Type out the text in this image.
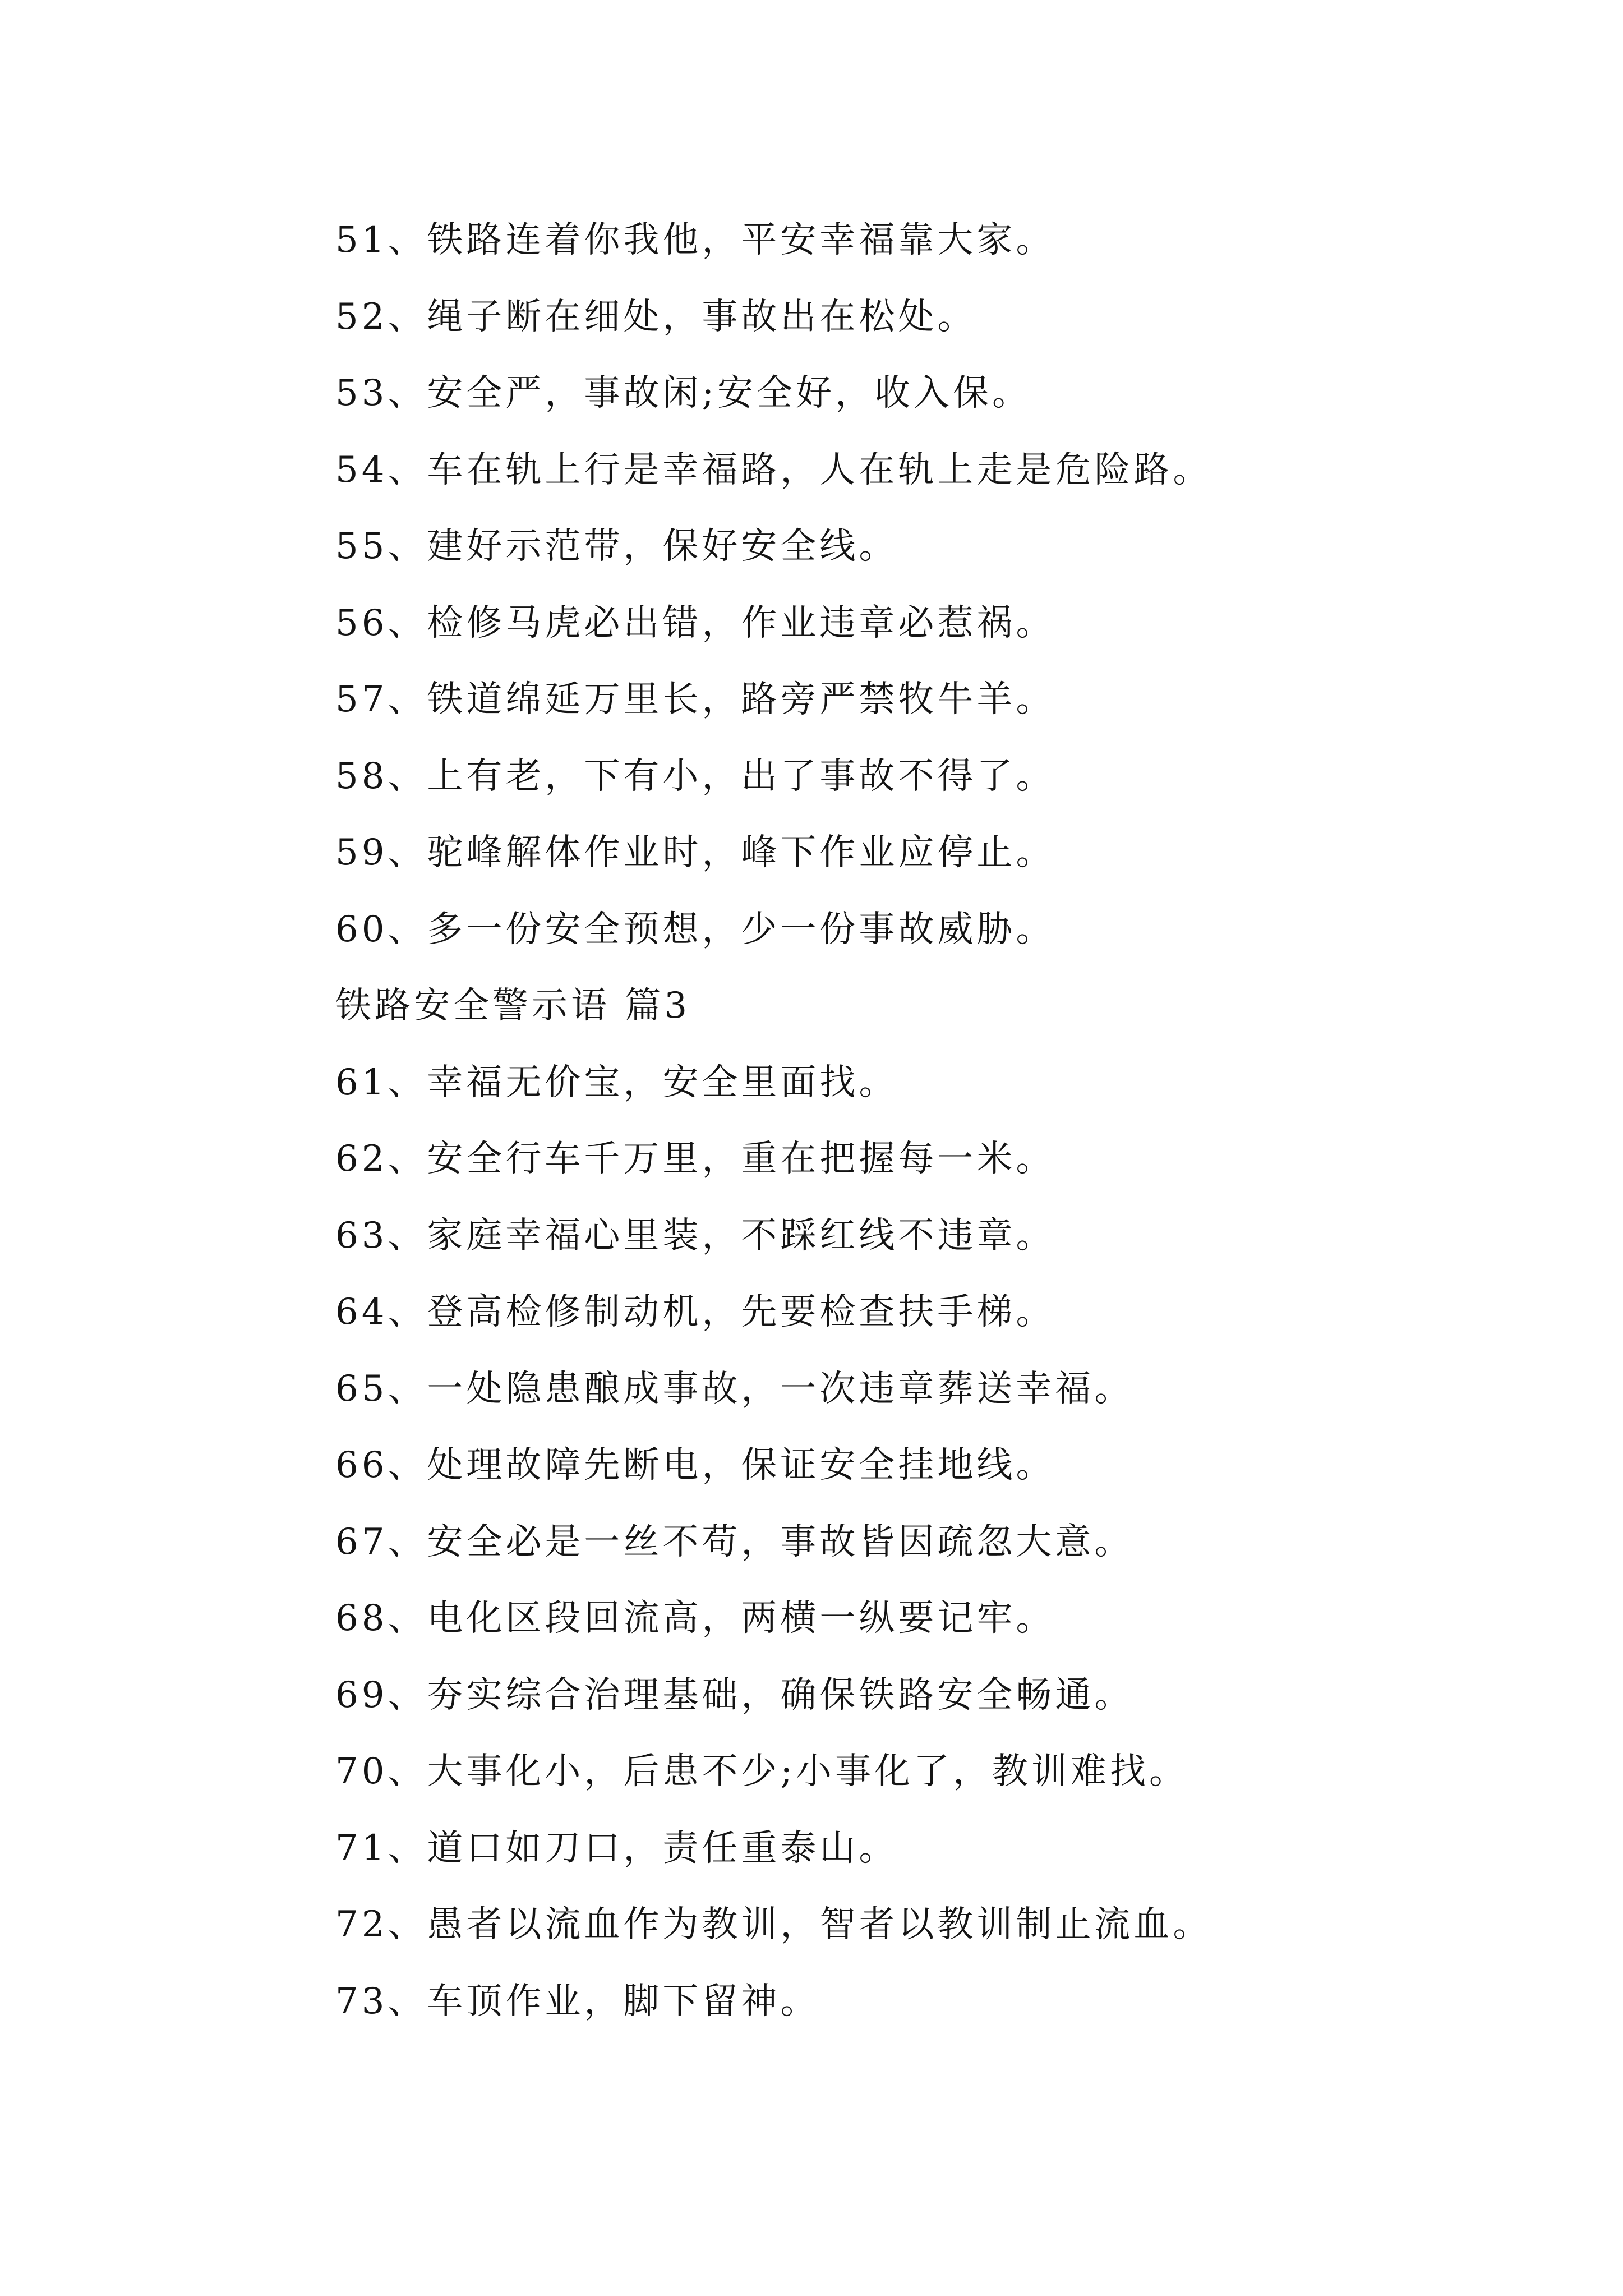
51、铁路连着你我他，平安幸福靠大家。
52、绳子断在细处，事故出在松处。
53、安全严，事故闲;安全好，收入保。
54、车在轨上行是幸福路，人在轨上走是危险路。
55、建好示范带，保好安全线。
56、检修马虎必出错，作业违章必惹祸。
57、铁道绵延万里长，路旁严禁牧牛羊。
58、上有老，下有小，出了事故不得了。
59、驼峰解体作业时，峰下作业应停止。
60、多一份安全预想，少一份事故威胁。
铁路安全警示语 篇3
61、幸福无价宝，安全里面找。
62、安全行车千万里，重在把握每一米。
63、家庭幸福心里装，不踩红线不违章。
64、登高检修制动机，先要检查扶手梯。
65、一处隐患酿成事故，一次违章葬送幸福。
66、处理故障先断电，保证安全挂地线。
67、安全必是一丝不苟，事故皆因疏忽大意。
68、电化区段回流高，两横一纵要记牢。
69、夯实综合治理基础，确保铁路安全畅通。
70、大事化小，后患不少;小事化了，教训难找。
71、道口如刀口，责任重泰山。
72、愚者以流血作为教训，智者以教训制止流血。
73、车顶作业，脚下留神。
